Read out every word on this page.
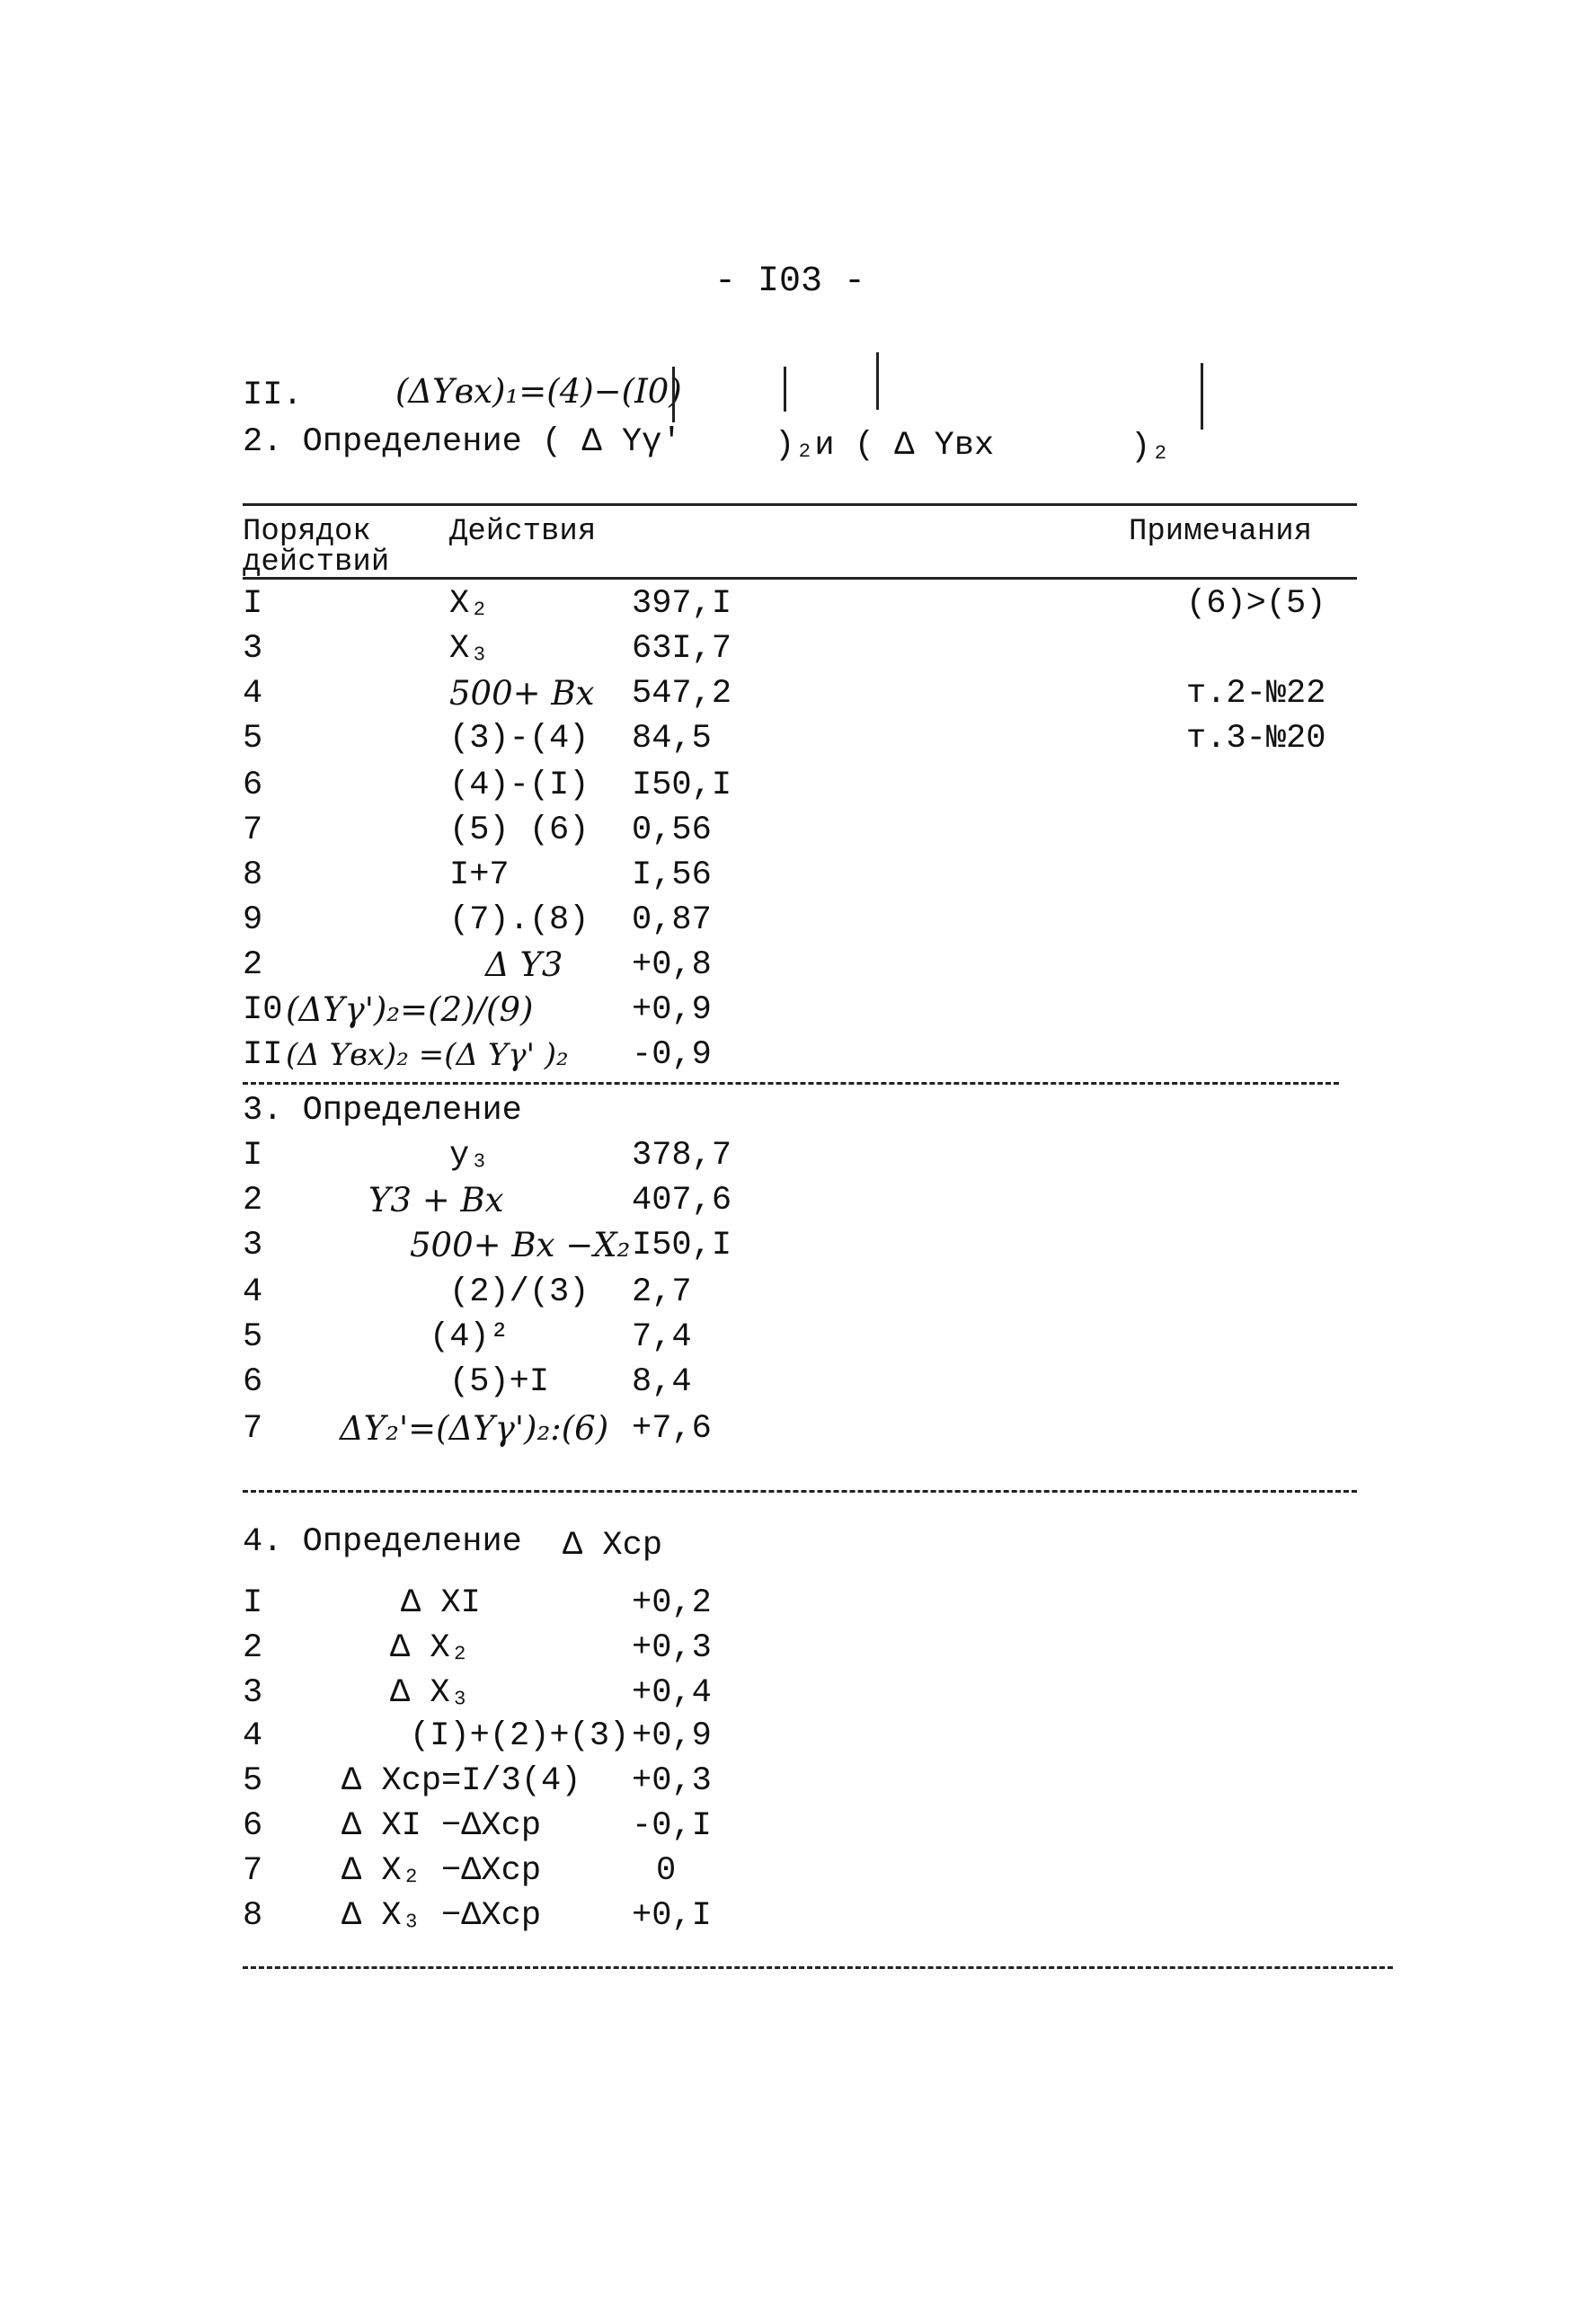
- I03 -
II.	(ΔYвх)₁=(4)−(I0)
2. Определение ( Δ Yγ'	)₂и ( Δ Yвх	)₂
Порядок
действий
Действия	Примечания
I	X₂	397,I	(6)>(5)
3	X₃	63I,7
4	500+ Bx 547,2	т.2-№22
5	(3)-(4) 84,5	т.3-№20
6	(4)-(I) I50,I
7	(5) (6) 0,56
8	I+7	I,56
9	(7).(8) 0,87
2	Δ Y3 +0,8
I0 (ΔYγ')₂=(2)/(9)	+0,9
II (Δ Yвх)₂ =(Δ Yγ' )₂ -0,9
3. Определение
I	y₃	378,7
2	Y3 + Bx	407,6
3	500+ Bx −X₂ I50,I
4	(2)/(3) 2,7
5	(4)²	7,4
6	(5)+I 8,4
7 ΔY₂'=(ΔYγ')₂:(6) +7,6
4. Определение Δ Xср
I	Δ XI	+0,2
2	Δ X₂	+0,3
3	Δ X₃	+0,4
4	(I)+(2)+(3) +0,9
5 Δ Xср=I/3(4) +0,3
6 Δ XI −ΔXср	-0,I
7 Δ X₂ −ΔXср	0
8 Δ X₃ −ΔXср	+0,I
